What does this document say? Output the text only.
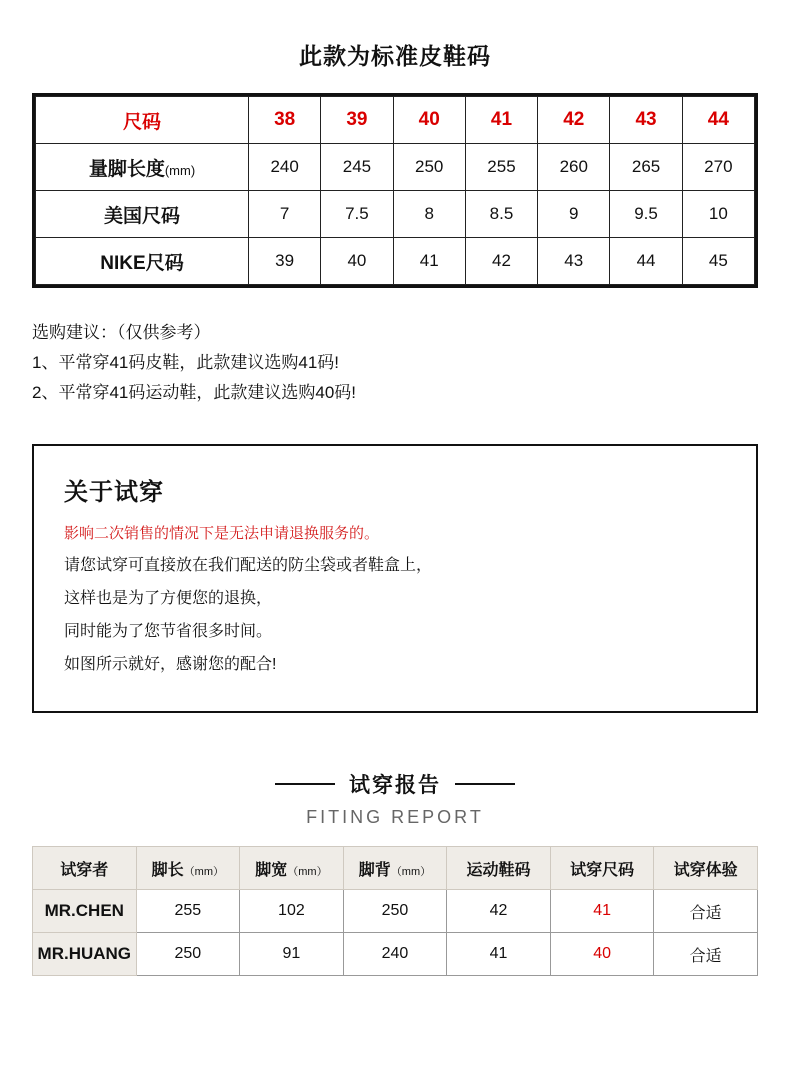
此款为标准皮鞋码
尺码	38	39	40	41	42	43	44
量脚长度(mm)	240	245	250	255	260	265	270
美国尺码	7	7.5	8	8.5	9	9.5	10
NIKE尺码	39	40	41	42	43	44	45
选购建议：（仅供参考）
1、平常穿41码皮鞋，此款建议选购41码!
2、平常穿41码运动鞋，此款建议选购40码!
关于试穿
影响二次销售的情况下是无法申请退换服务的。
请您试穿可直接放在我们配送的防尘袋或者鞋盒上，
这样也是为了方便您的退换，
同时能为了您节省很多时间。
如图所示就好，感谢您的配合!
试穿报告
FITING REPORT
试穿者	脚长（mm）	脚宽（mm）	脚背（mm）	运动鞋码	试穿尺码	试穿体验
MR.CHEN	255	102	250	42	41	合适
MR.HUANG	250	91	240	41	40	合适
